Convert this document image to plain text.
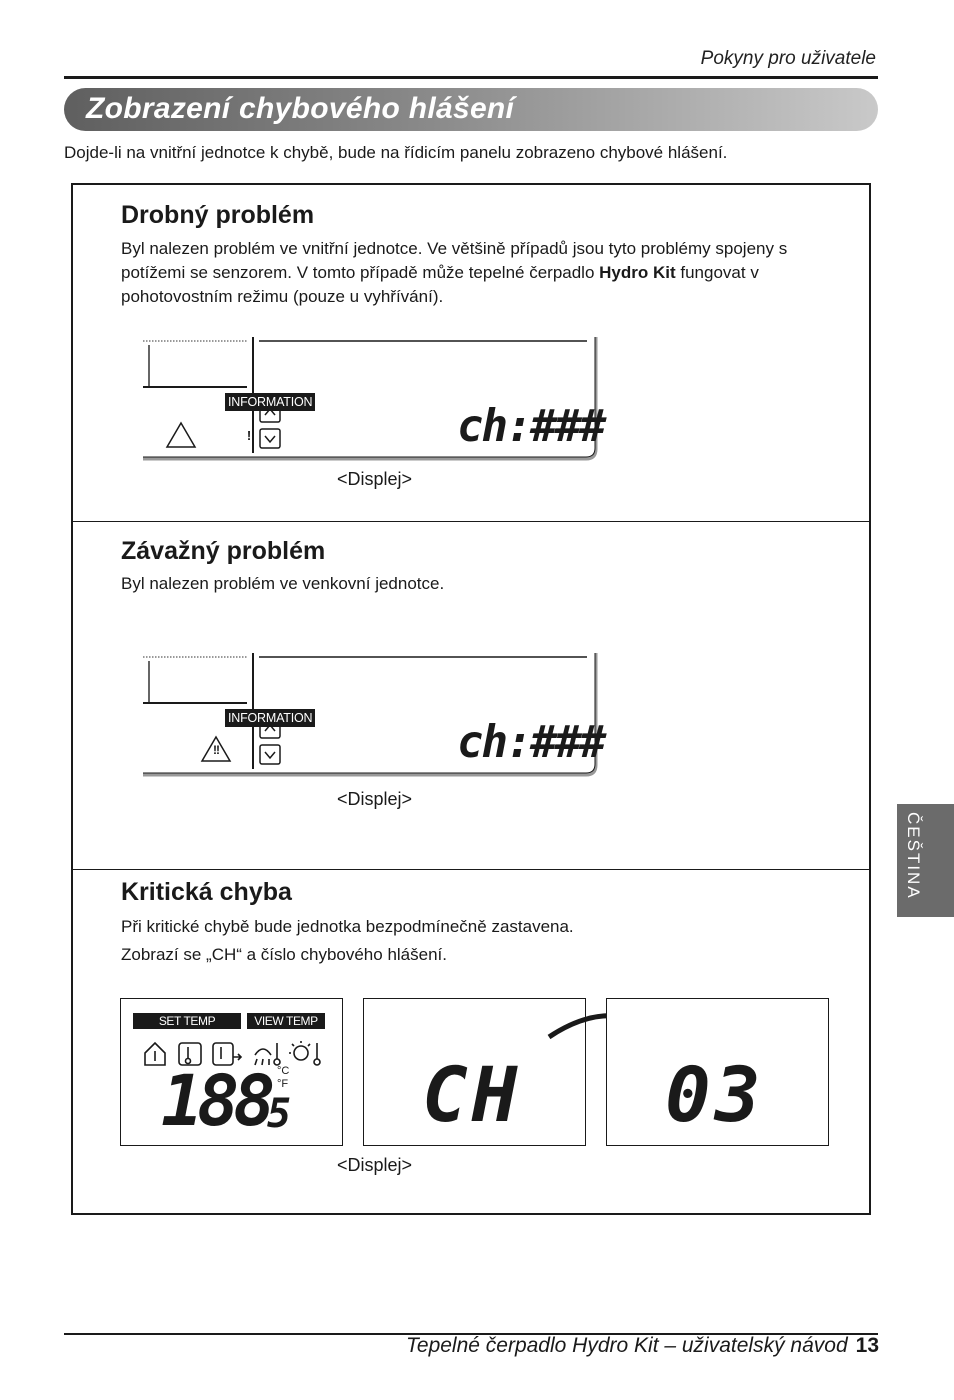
Pokyny pro uživatele
Zobrazení chybového hlášení
Dojde-li na vnitřní jednotce k chybě, bude na řídicím panelu zobrazeno chybové hlášení.
Drobný problém
Byl nalezen problém ve vnitřní jednotce. Ve většině případů jsou tyto problémy spojeny s
potížemi se senzorem. V tomto případě může tepelné čerpadlo Hydro Kit fungovat v
pohotovostním režimu (pouze u vyhřívání).
INFORMATION
!	ch:###
<Displej>
Závažný problém
Byl nalezen problém ve venkovní jednotce.
INFORMATION
!!	ch:###
<Displej>
Kritická chyba
Při kritické chybě bude jednotka bezpodmínečně zastavena.
Zobrazí se „CH“ a číslo chybového hlášení.
SET TEMP	VIEW TEMP
°C
°F
188
5 CH 03
<Displej>
ČEŠTINA
Tepelné čerpadlo Hydro Kit – uživatelský návod 13
